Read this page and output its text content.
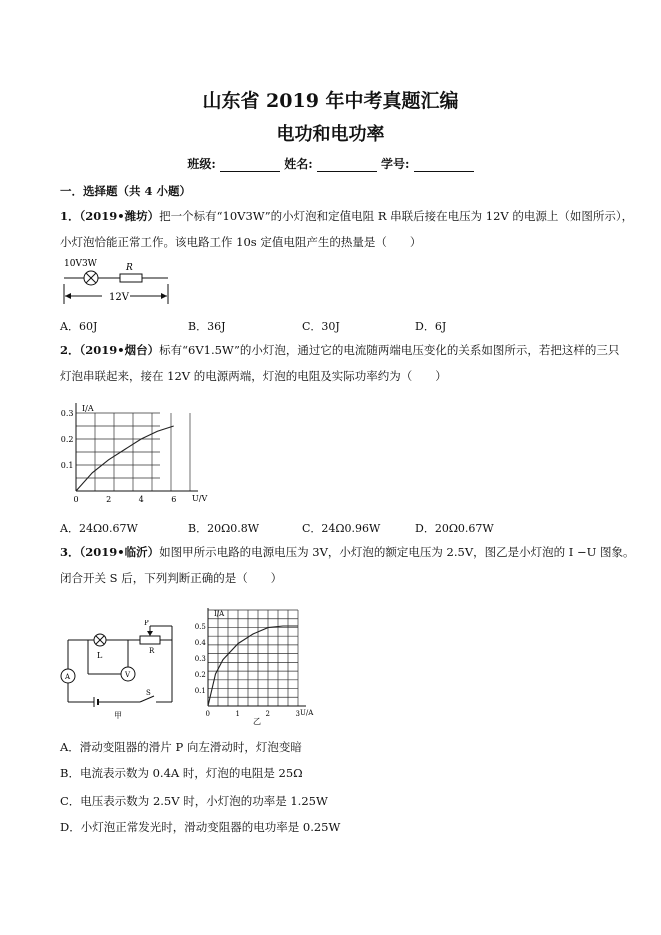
山东省 2019 年中考真题汇编
电功和电功率
班级:	姓名:	学号:
一．选择题（共 4 小题）
1．（2019•潍坊）把一个标有“10V3W”的小灯泡和定值电阻 R 串联后接在电压为 12V 的电源上（如图所示），
小灯泡恰能正常工作。该电路工作 10s 定值电阻产生的热量是（　　）
10V3W	R
12V
A．60J	B．36J	C．30J	D．6J
2．（2019•烟台）标有“6V1.5W”的小灯泡，通过它的电流随两端电压变化的关系如图所示，若把这样的三只
灯泡串联起来，接在 12V 的电源两端，灯泡的电阻及实际功率约为（　　）
I/A
U/V
0	2	4	6
0.1
0.2
0.3
A．24Ω0.67W	B．20Ω0.8W	C．24Ω0.96W	D．20Ω0.67W
3．（2019•临沂）如图甲所示电路的电源电压为 3V，小灯泡的额定电压为 2.5V，图乙是小灯泡的 I −U 图象。
闭合开关 S 后，下列判断正确的是（　　）
L
P
R
A	V
S
甲
I/A
U/A
0	1	2	3
0.1
0.2
0.3
0.4
0.5
乙
A．滑动变阻器的滑片 P 向左滑动时，灯泡变暗
B．电流表示数为 0.4A 时，灯泡的电阻是 25Ω
C．电压表示数为 2.5V 时，小灯泡的功率是 1.25W
D．小灯泡正常发光时，滑动变阻器的电功率是 0.25W
